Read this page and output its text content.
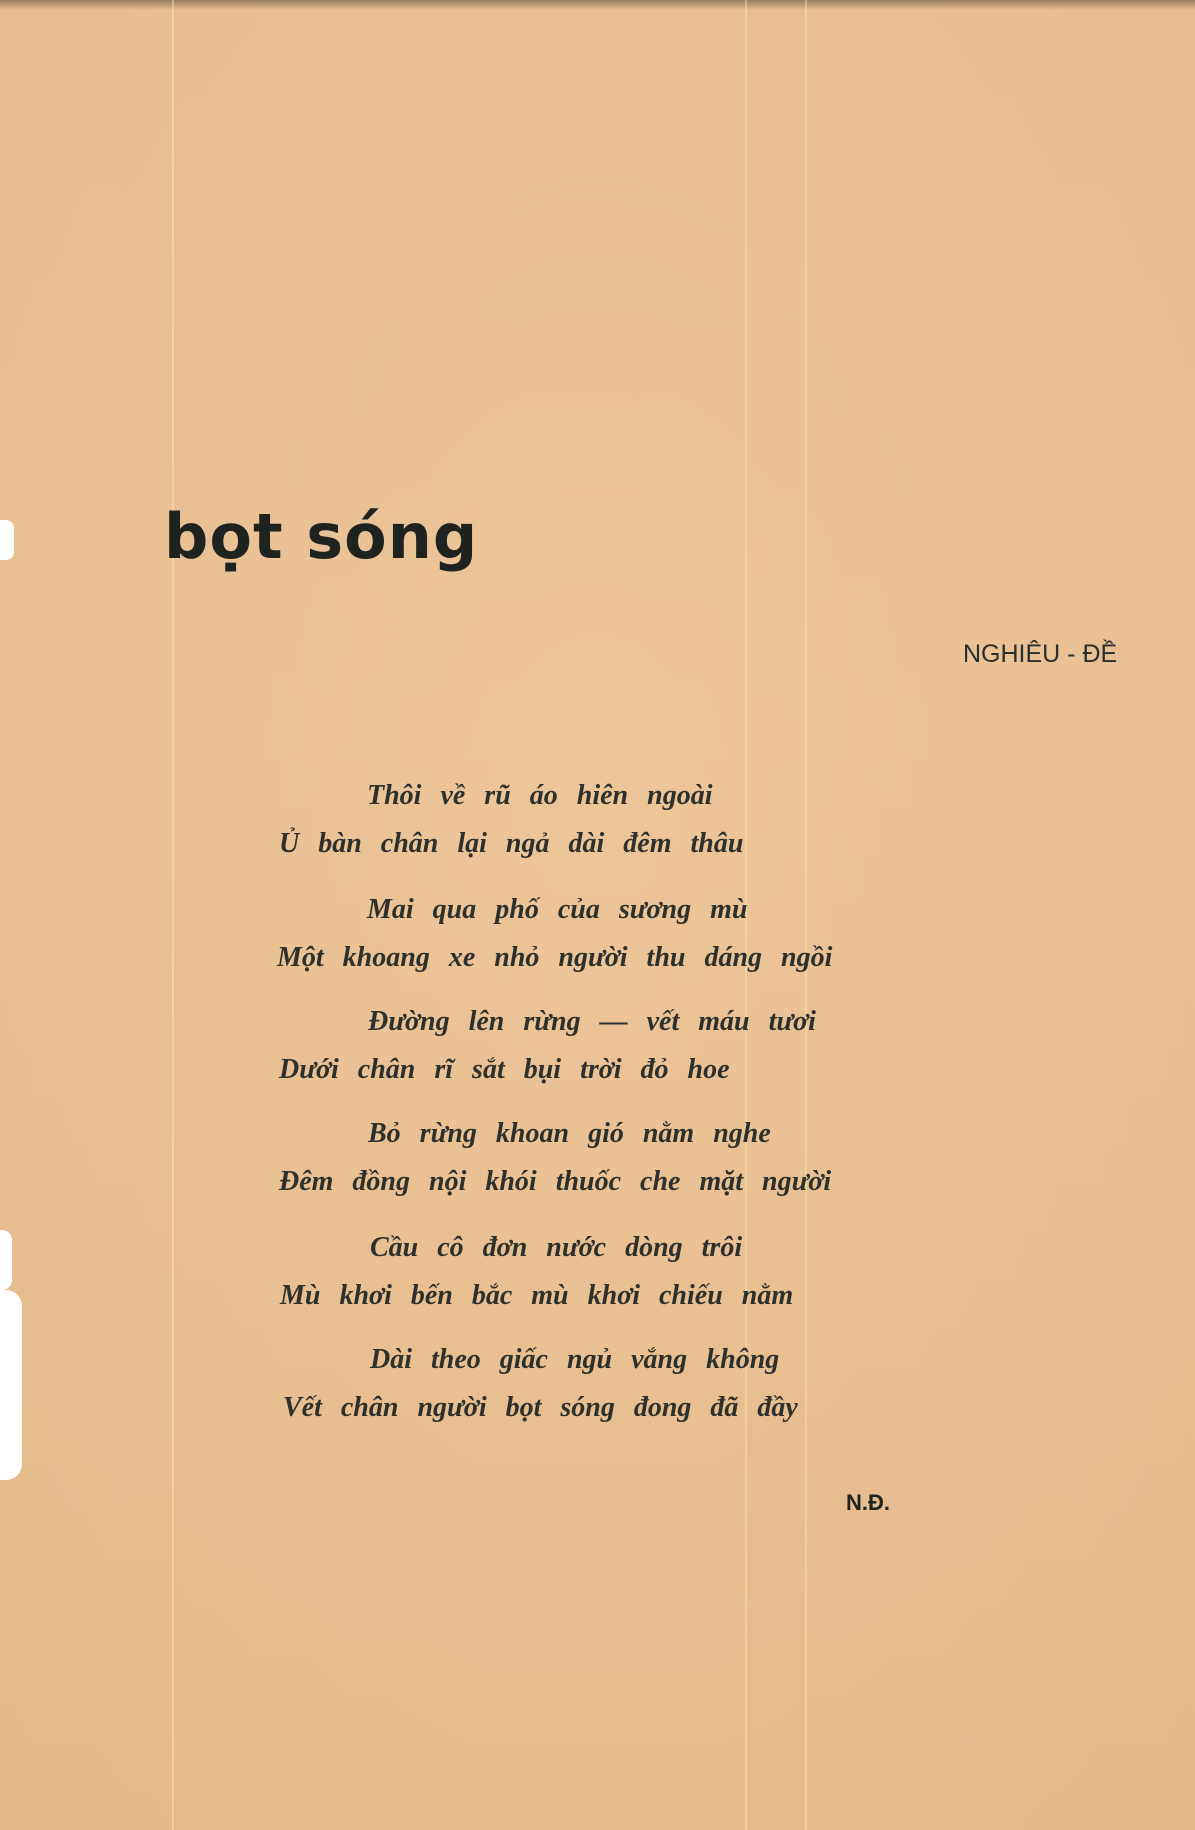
bọt sóng
NGHIÊU - ĐỀ
Thôi về rũ áo hiên ngoài
Ủ bàn chân lại ngả dài đêm thâu
Mai qua phố của sương mù
Một khoang xe nhỏ người thu dáng ngồi
Đường lên rừng — vết máu tươi
Dưới chân rĩ sắt bụi trời đỏ hoe
Bỏ rừng khoan gió nằm nghe
Đêm đồng nội khói thuốc che mặt người
Cầu cô đơn nước dòng trôi
Mù khơi bến bắc mù khơi chiếu nằm
Dài theo giấc ngủ vắng không
Vết chân người bọt sóng đong đã đầy
N.Đ.
